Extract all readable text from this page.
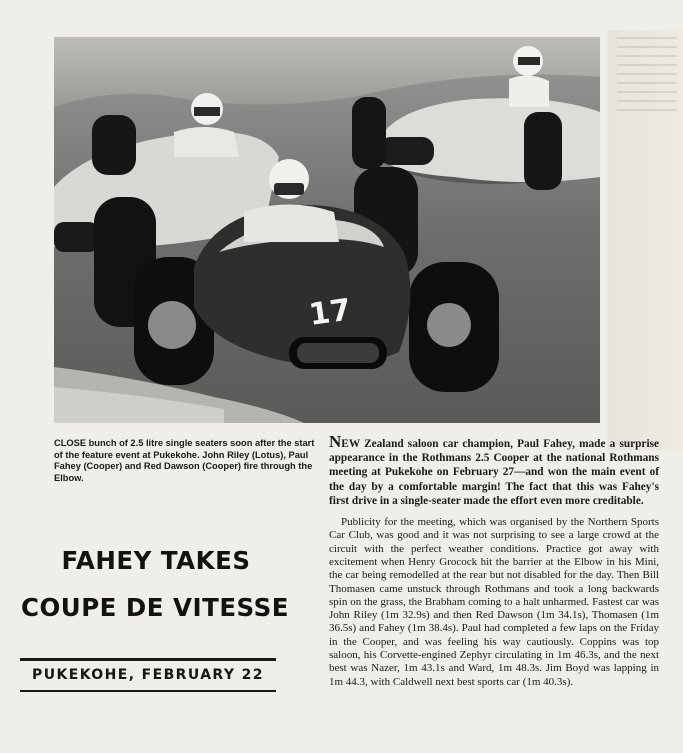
17

CLOSE bunch of 2.5 litre single seaters soon after the start of the feature event at Pukekohe. John Riley (Lotus), Paul Fahey (Cooper) and Red Dawson (Cooper) fire through the Elbow.

FAHEY TAKES
COUPE DE VITESSE

PUKEKOHE, FEBRUARY 22

NEW Zealand saloon car champion, Paul Fahey, made a surprise appearance in the Rothmans 2.5 Cooper at the national Rothmans meeting at Pukekohe on February 27—and won the main event of the day by a comfortable margin! The fact that this was Fahey's first drive in a single-seater made the effort even more creditable.

Publicity for the meeting, which was organised by the Northern Sports Car Club, was good and it was not surprising to see a large crowd at the circuit with the perfect weather conditions. Practice got away with excitement when Henry Grocock hit the barrier at the Elbow in his Mini, the car being remodelled at the rear but not disabled for the day. Then Bill Thomasen came unstuck through Rothmans and took a long backwards spin on the grass, the Brabham coming to a halt unharmed. Fastest car was John Riley (1m 32.9s) and then Red Dawson (1m 34.1s), Thomasen (1m 36.5s) and Fahey (1m 38.4s). Paul had completed a few laps on the Friday in the Cooper, and was feeling his way cautiously. Coppins was top saloon, his Corvette-engined Zephyr circulating in 1m 46.3s, and the next best was Nazer, 1m 43.1s and Ward, 1m 48.3s. Jim Boyd was lapping in 1m 44.3, with Caldwell next best sports car (1m 40.3s).
